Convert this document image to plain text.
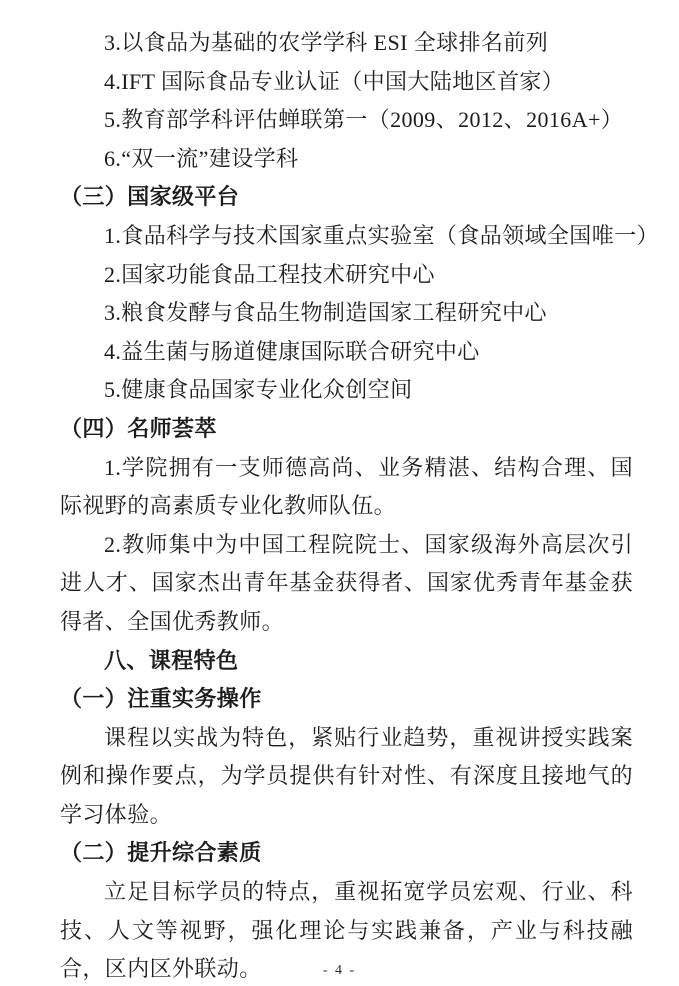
3.以食品为基础的农学学科 ESI 全球排名前列

4.IFT 国际食品专业认证（中国大陆地区首家）

5.教育部学科评估蝉联第一（2009、2012、2016A+）

6.“双一流”建设学科

（三）国家级平台

1.食品科学与技术国家重点实验室（食品领域全国唯一）

2.国家功能食品工程技术研究中心

3.粮食发酵与食品生物制造国家工程研究中心

4.益生菌与肠道健康国际联合研究中心

5.健康食品国家专业化众创空间

（四）名师荟萃

1.学院拥有一支师德高尚、业务精湛、结构合理、国际视野的高素质专业化教师队伍。

2.教师集中为中国工程院院士、国家级海外高层次引进人才、国家杰出青年基金获得者、国家优秀青年基金获得者、全国优秀教师。

八、课程特色

（一）注重实务操作

课程以实战为特色，紧贴行业趋势，重视讲授实践案例和操作要点，为学员提供有针对性、有深度且接地气的学习体验。

（二）提升综合素质

立足目标学员的特点，重视拓宽学员宏观、行业、科技、人文等视野，强化理论与实践兼备，产业与科技融合，区内区外联动。	- 4 -
